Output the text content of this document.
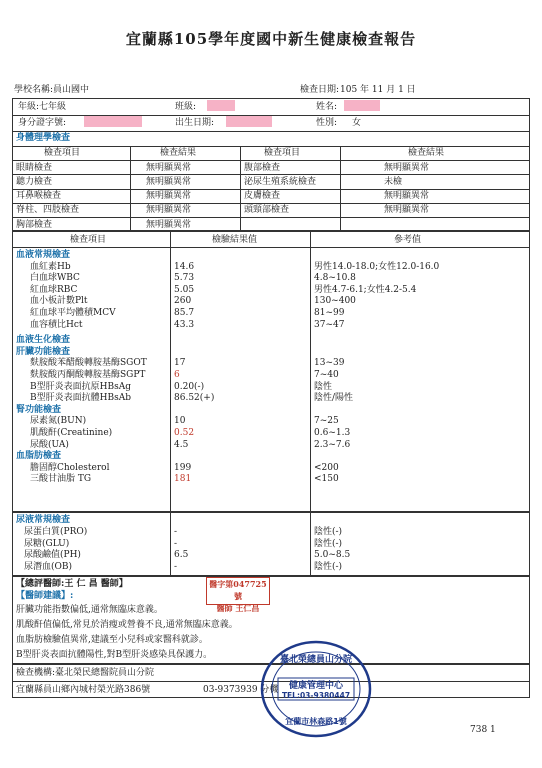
宜蘭縣105學年度國中新生健康檢查報告
學校名稱:員山國中	檢查日期: 105 年 11 月 1 日
年級:七年級	班級:	姓名:
身分證字號:	出生日期:	性別: 女
身體理學檢查
檢查項目	檢查結果	檢查項目	檢查結果
眼睛檢查	無明顯異常	腹部檢查	無明顯異常
聽力檢查	無明顯異常	泌尿生殖系統檢查	未檢
耳鼻喉檢查	無明顯異常	皮膚檢查	無明顯異常
脊柱、四肢檢查	無明顯異常	頭頸部檢查	無明顯異常
胸部檢查	無明顯異常
檢查項目	檢驗結果值	參考值
血液常規檢查
血紅素Hb	14.6	男性14.0-18.0;女性12.0-16.0
白血球WBC	5.73	4.8~10.8
紅血球RBC	5.05	男性4.7-6.1;女性4.2-5.4
血小板計數Plt	260	130~400
紅血球平均體積MCV	85.7	81~99
血容積比Hct	43.3	37~47
血液生化檢查
肝臟功能檢查
麩胺酸苯醋酸轉胺基酶SGOT	17	13~39
麩胺酸丙酮酸轉胺基酶SGPT	6	7~40
B型肝炎表面抗原HBsAg	0.20(-)	陰性
B型肝炎表面抗體HBsAb	86.52(+)	陰性/陽性
腎功能檢查
尿素氮(BUN)	10	7~25
肌酸酐(Creatinine)	0.52	0.6~1.3
尿酸(UA)	4.5	2.3~7.6
血脂肪檢查
膽固醇Cholesterol	199	<200
三酸甘油脂 TG	181	<150
尿液常規檢查
尿蛋白質(PRO)	-	陰性(-)
尿糖(GLU)	-	陰性(-)
尿酸鹼值(PH)	6.5	5.0~8.5
尿潛血(OB)	-	陰性(-)
【總評醫師:王 仁 昌 醫師】	醫字第047725號
醫師 王仁昌
【醫師建議】:
肝臟功能指數偏低,通常無臨床意義。
肌酸酐值偏低,常見於消瘦或營養不良,通常無臨床意義。
血脂肪檢驗值異常,建議至小兒科或家醫科就診。
B型肝炎表面抗體陽性,對B型肝炎感染具保護力。
檢查機構:臺北榮民總醫院員山分院
宜蘭縣員山鄉內城村榮光路386號	03-9373939 分機
臺北榮總員山分院
健康管理中心
TEL:03-9380447
宜蘭市林森路1號
738 1
